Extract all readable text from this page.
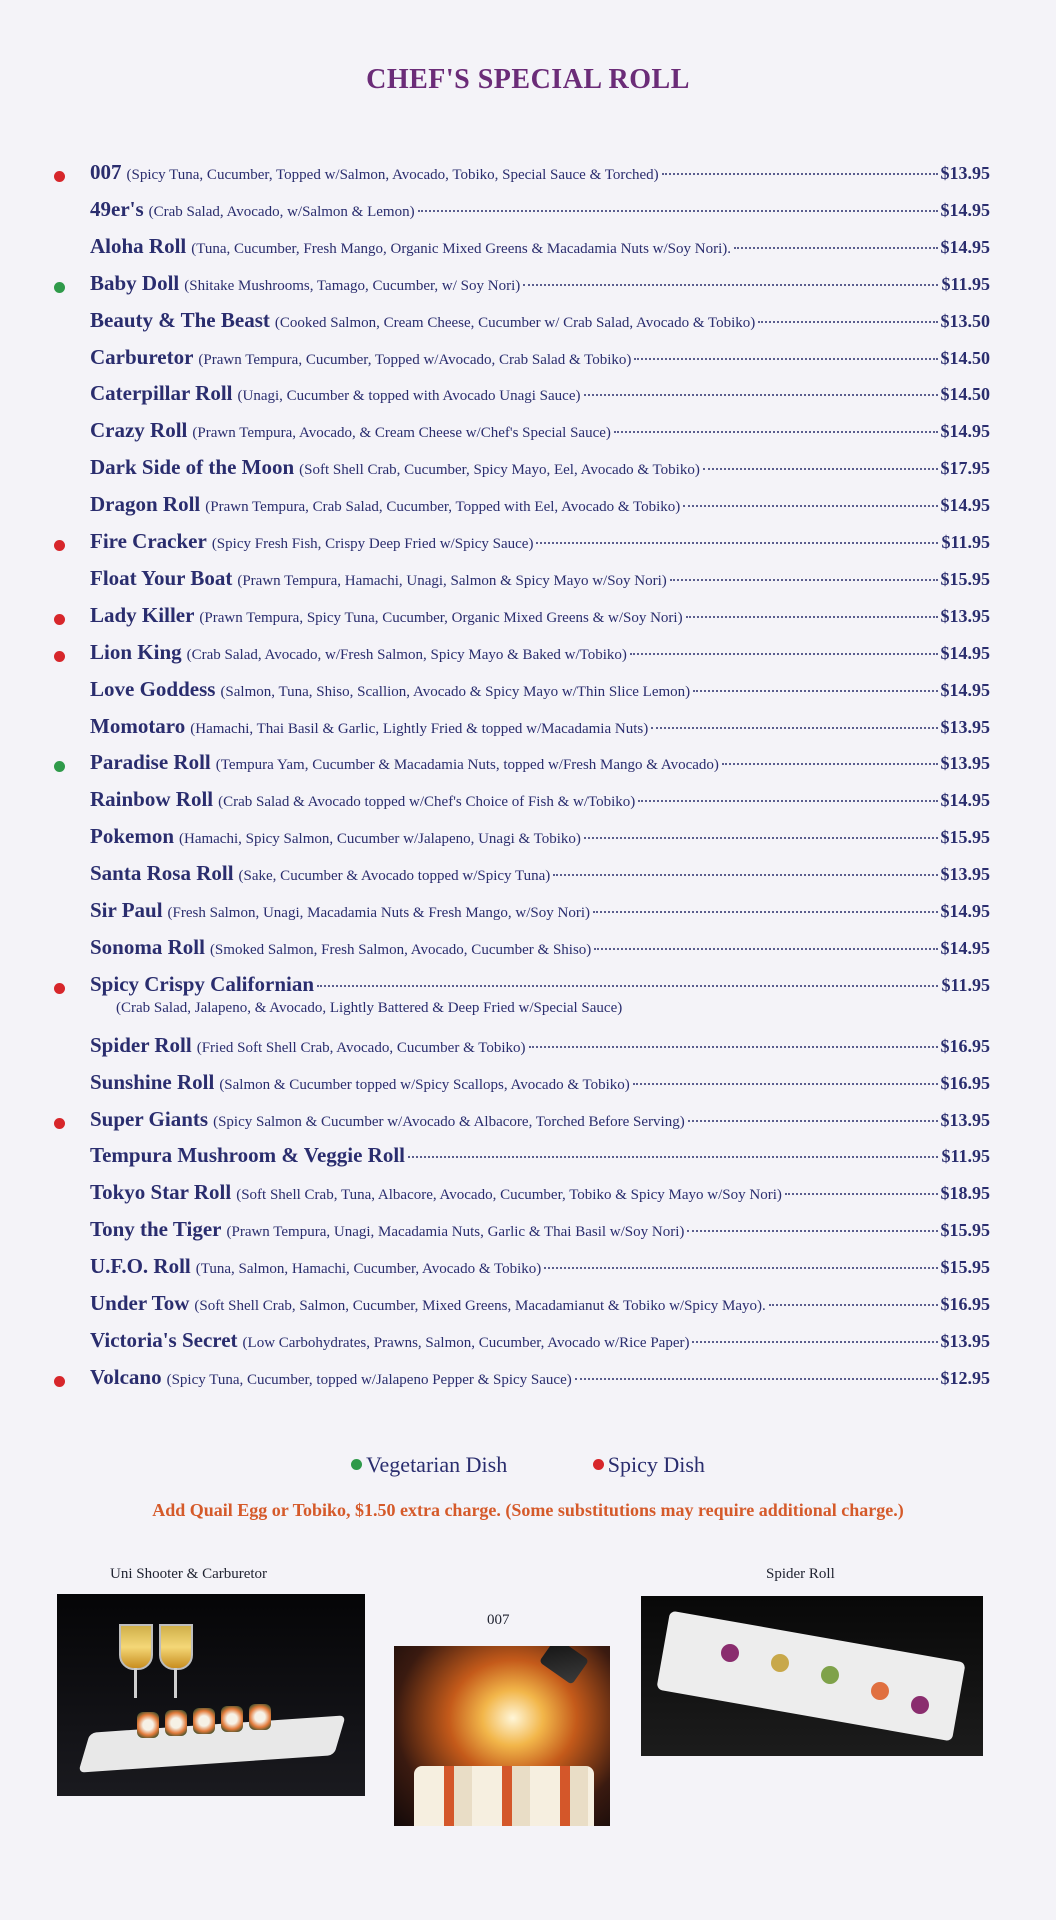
CHEF'S SPECIAL ROLL
007 (Spicy Tuna, Cucumber, Topped w/Salmon, Avocado, Tobiko, Special Sauce & Torched)	$13.95
49er's (Crab Salad, Avocado, w/Salmon & Lemon)	$14.95
Aloha Roll (Tuna, Cucumber, Fresh Mango, Organic Mixed Greens & Macadamia Nuts w/Soy Nori).	$14.95
Baby Doll (Shitake Mushrooms, Tamago, Cucumber, w/ Soy Nori)	$11.95
Beauty & The Beast (Cooked Salmon, Cream Cheese, Cucumber w/ Crab Salad, Avocado & Tobiko)	$13.50
Carburetor (Prawn Tempura, Cucumber, Topped w/Avocado, Crab Salad & Tobiko)	$14.50
Caterpillar Roll (Unagi, Cucumber & topped with Avocado Unagi Sauce)	$14.50
Crazy Roll (Prawn Tempura, Avocado, & Cream Cheese w/Chef's Special Sauce)	$14.95
Dark Side of the Moon (Soft Shell Crab, Cucumber, Spicy Mayo, Eel, Avocado & Tobiko)	$17.95
Dragon Roll (Prawn Tempura, Crab Salad, Cucumber, Topped with Eel, Avocado & Tobiko)	$14.95
Fire Cracker (Spicy Fresh Fish, Crispy Deep Fried w/Spicy Sauce)	$11.95
Float Your Boat (Prawn Tempura, Hamachi, Unagi, Salmon & Spicy Mayo w/Soy Nori)	$15.95
Lady Killer (Prawn Tempura, Spicy Tuna, Cucumber, Organic Mixed Greens & w/Soy Nori)	$13.95
Lion King (Crab Salad, Avocado, w/Fresh Salmon, Spicy Mayo & Baked w/Tobiko)	$14.95
Love Goddess (Salmon, Tuna, Shiso, Scallion, Avocado & Spicy Mayo w/Thin Slice Lemon)	$14.95
Momotaro (Hamachi, Thai Basil & Garlic, Lightly Fried & topped w/Macadamia Nuts)	$13.95
Paradise Roll (Tempura Yam, Cucumber & Macadamia Nuts, topped w/Fresh Mango & Avocado)	$13.95
Rainbow Roll (Crab Salad & Avocado topped w/Chef's Choice of Fish & w/Tobiko)	$14.95
Pokemon (Hamachi, Spicy Salmon, Cucumber w/Jalapeno, Unagi & Tobiko)	$15.95
Santa Rosa Roll (Sake, Cucumber & Avocado topped w/Spicy Tuna)	$13.95
Sir Paul (Fresh Salmon, Unagi, Macadamia Nuts & Fresh Mango, w/Soy Nori)	$14.95
Sonoma Roll (Smoked Salmon, Fresh Salmon, Avocado, Cucumber & Shiso)	$14.95
Spicy Crispy Californian	$11.95
(Crab Salad, Jalapeno, & Avocado, Lightly Battered & Deep Fried w/Special Sauce)
Spider Roll (Fried Soft Shell Crab, Avocado, Cucumber & Tobiko)	$16.95
Sunshine Roll (Salmon & Cucumber topped w/Spicy Scallops, Avocado & Tobiko)	$16.95
Super Giants (Spicy Salmon & Cucumber w/Avocado & Albacore, Torched Before Serving)	$13.95
Tempura Mushroom & Veggie Roll	$11.95
Tokyo Star Roll (Soft Shell Crab, Tuna, Albacore, Avocado, Cucumber, Tobiko & Spicy Mayo w/Soy Nori)	$18.95
Tony the Tiger (Prawn Tempura, Unagi, Macadamia Nuts, Garlic & Thai Basil w/Soy Nori)	$15.95
U.F.O. Roll (Tuna, Salmon, Hamachi, Cucumber, Avocado & Tobiko)	$15.95
Under Tow (Soft Shell Crab, Salmon, Cucumber, Mixed Greens, Macadamianut & Tobiko w/Spicy Mayo).	$16.95
Victoria's Secret (Low Carbohydrates, Prawns, Salmon, Cucumber, Avocado w/Rice Paper)	$13.95
Volcano (Spicy Tuna, Cucumber, topped w/Jalapeno Pepper & Spicy Sauce)	$12.95
Vegetarian Dish	Spicy Dish
Add Quail Egg or Tobiko, $1.50 extra charge. (Some substitutions may require additional charge.)
Uni Shooter & Carburetor
007
Spider Roll
